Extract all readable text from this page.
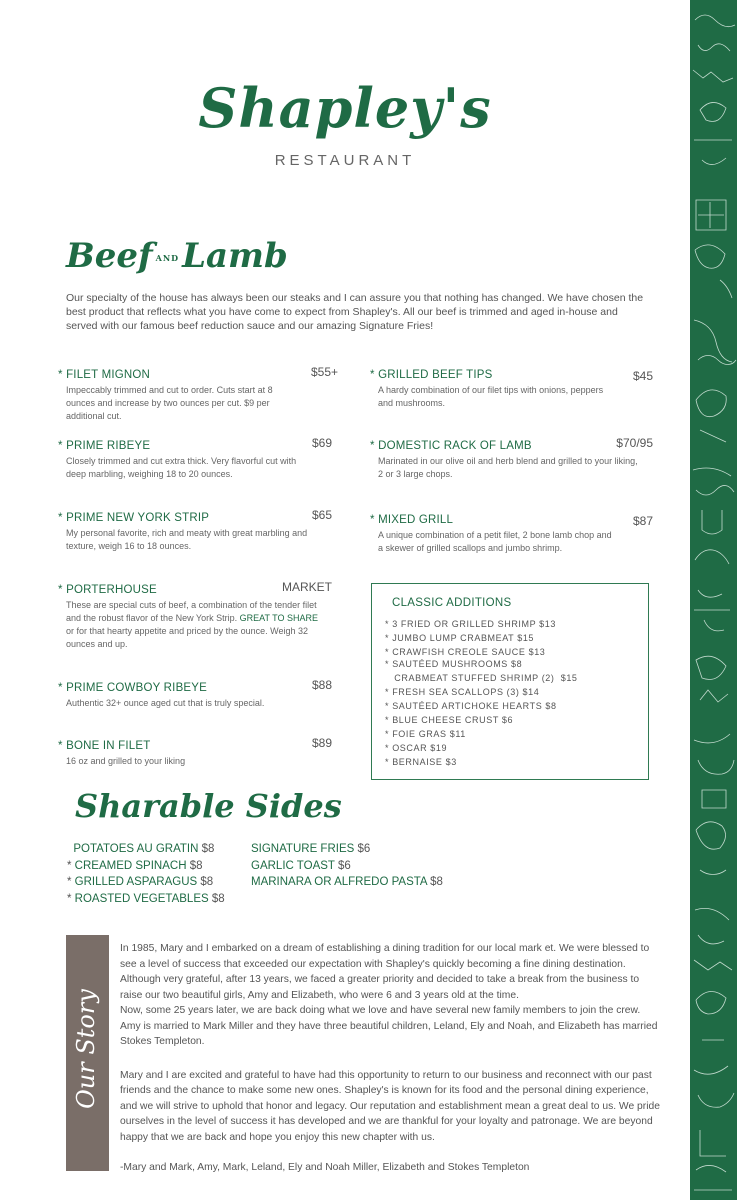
Shapley's
RESTAURANT
Beef ANDLamb
Our specialty of the house has always been our steaks and I can assure you that nothing has changed. We have chosen the best product that reflects what you have come to expect from Shapley's. All our beef is trimmed and aged in-house and served with our famous beef reduction sauce and our amazing Signature Fries!
* FILET MIGNON	$55+
Impeccably trimmed and cut to order. Cuts start at 8 ounces and increase by two ounces per cut. $9 per additional cut.
* PRIME RIBEYE	$69
Closely trimmed and cut extra thick. Very flavorful cut with deep marbling, weighing 18 to 20 ounces.
* PRIME NEW YORK STRIP	$65
My personal favorite, rich and meaty with great marbling and texture, weigh 16 to 18 ounces.
* PORTERHOUSE	MARKET
These are special cuts of beef, a combination of the tender filet and the robust flavor of the New York Strip. GREAT TO SHARE or for that hearty appetite and priced by the ounce. Weigh 32 ounces and up.
* PRIME COWBOY RIBEYE	$88
Authentic 32+ ounce aged cut that is truly special.
* BONE IN FILET	$89
16 oz and grilled to your liking
* GRILLED BEEF TIPS	$45
A hardy combination of our filet tips with onions, peppers and mushrooms.
* DOMESTIC RACK OF LAMB	$70/95
Marinated in our olive oil and herb blend and grilled to your liking, 2 or 3 large chops.
* MIXED GRILL	$87
A unique combination of a petit filet, 2 bone lamb chop and a skewer of grilled scallops and jumbo shrimp.
CLASSIC ADDITIONS
* 3 FRIED OR GRILLED SHRIMP $13
* JUMBO LUMP CRABMEAT $15
* CRAWFISH CREOLE SAUCE $13
* SAUTÉED MUSHROOMS $8
CRABMEAT STUFFED SHRIMP (2)  $15
* FRESH SEA SCALLOPS (3) $14
* SAUTÉED ARTICHOKE HEARTS $8
* BLUE CHEESE CRUST $6
* FOIE GRAS $11
* OSCAR $19
* BERNAISE $3
Sharable Sides
POTATOES AU GRATIN $8
* CREAMED SPINACH $8
* GRILLED ASPARAGUS $8
* ROASTED VEGETABLES $8
SIGNATURE FRIES $6
GARLIC TOAST $6
MARINARA OR ALFREDO PASTA $8
Our Story

In 1985, Mary and I embarked on a dream of establishing a dining tradition for our local mark et. We were blessed to see a level of success that exceeded our expectation with Shapley's quickly becoming a fine dining destination. Although very grateful, after 13 years, we faced a greater priority and decided to take a break from the business to raise our two beautiful girls, Amy and Elizabeth, who were 6 and 3 years old at the time.

Now, some 25 years later, we are back doing what we love and have several new family members to join the crew. Amy is married to Mark Miller and they have three beautiful children, Leland, Ely and Noah, and Elizabeth has married Stokes Templeton.

Mary and I are excited and grateful to have had this opportunity to return to our business and reconnect with our past friends and the chance to make some new ones. Shapley's is known for its food and the personal dining experience, and we will strive to uphold that honor and legacy. Our reputation and establishment mean a great deal to us. We pride ourselves in the level of success it has developed and we are thankful for your loyalty and patronage. We are beyond happy that we are back and hope you enjoy this new chapter with us.

-Mary and Mark, Amy, Mark, Leland, Ely and Noah Miller, Elizabeth and Stokes Templeton
